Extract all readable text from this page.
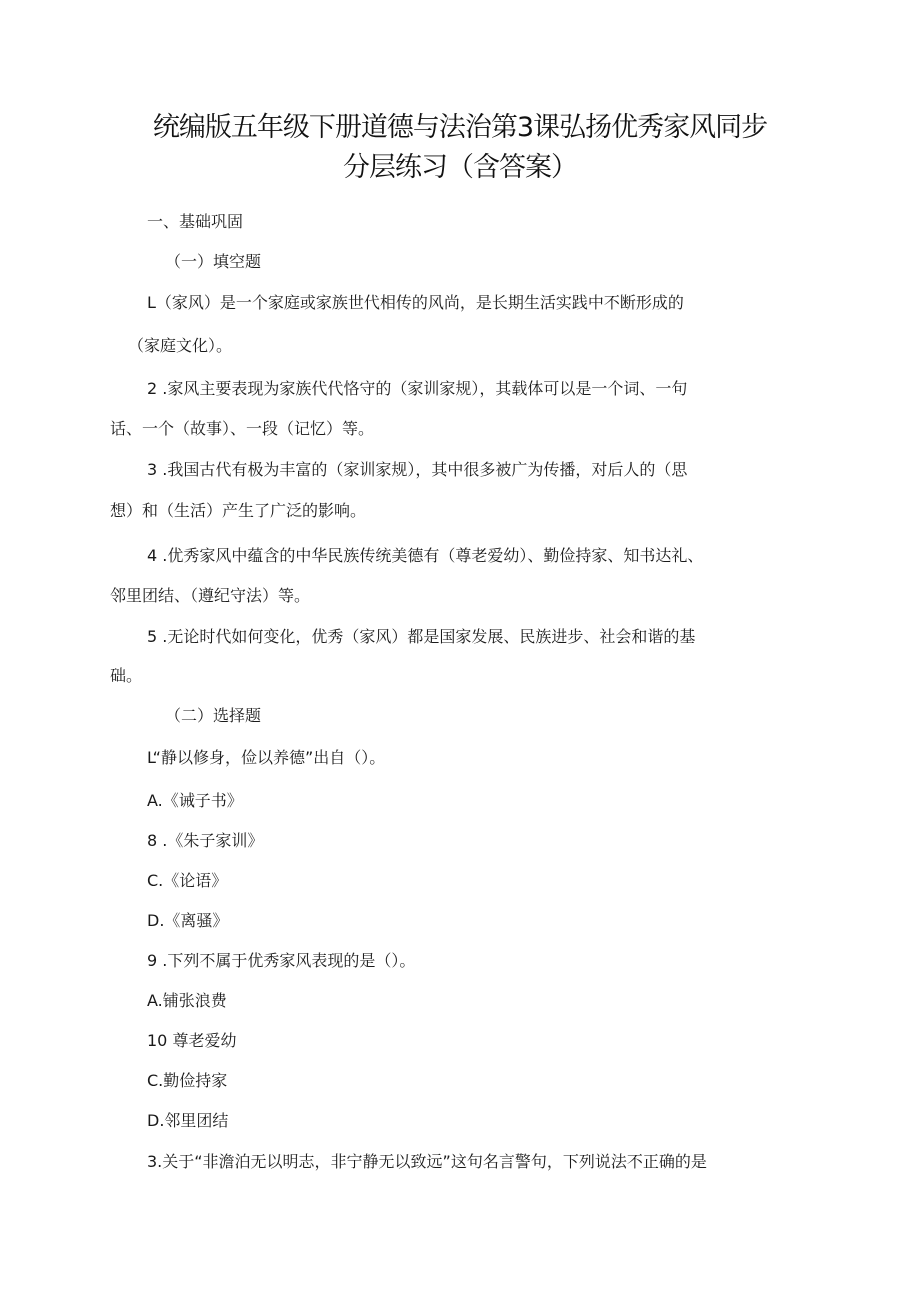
统编版五年级下册道德与法治第3课弘扬优秀家风同步
分层练习（含答案）
一、基础巩固
（一）填空题
L（家风）是一个家庭或家族世代相传的风尚，是长期生活实践中不断形成的
（家庭文化）。
2 .家风主要表现为家族代代恪守的（家训家规），其载体可以是一个词、一句
话、一个（故事）、一段（记忆）等。
3 .我国古代有极为丰富的（家训家规），其中很多被广为传播，对后人的（思
想）和（生活）产生了广泛的影响。
4 .优秀家风中蕴含的中华民族传统美德有（尊老爱幼）、勤俭持家、知书达礼、
邻里团结、（遵纪守法）等。
5 .无论时代如何变化，优秀（家风）都是国家发展、民族进步、社会和谐的基
础。
（二）选择题
L“静以修身，俭以养德”出自（）。
A.《诫子书》
8 .《朱子家训》
C.《论语》
D.《离骚》
9 .下列不属于优秀家风表现的是（）。
A.铺张浪费
10 尊老爱幼
C.勤俭持家
D.邻里团结
3.关于“非澹泊无以明志，非宁静无以致远”这句名言警句，下列说法不正确的是
